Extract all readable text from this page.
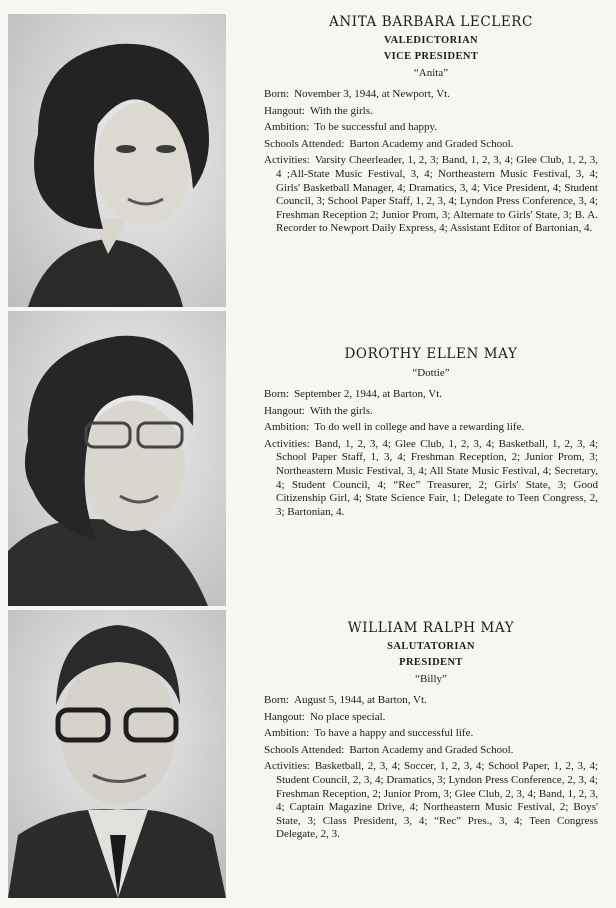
ANITA BARBARA LECLERC
VALEDICTORIAN
VICE PRESIDENT
“Anita”
Born: November 3, 1944, at Newport, Vt.
Hangout: With the girls.
Ambition: To be successful and happy.
Schools Attended: Barton Academy and Graded School.
Activities: Varsity Cheerleader, 1, 2, 3; Band, 1, 2, 3, 4; Glee Club, 1, 2, 3, 4 ;All-State Music Festival, 3, 4; Northeastern Music Festival, 3, 4; Girls' Basketball Manager, 4; Dramatics, 3, 4; Vice President, 4; Student Council, 3; School Paper Staff, 1, 2, 3, 4; Lyndon Press Conference, 3, 4; Freshman Reception 2; Junior Prom, 3; Alternate to Girls' State, 3; B. A. Recorder to Newport Daily Express, 4; Assistant Editor of Bartonian, 4.
DOROTHY ELLEN MAY
“Dottie”
Born: September 2, 1944, at Barton, Vt.
Hangout: With the girls.
Ambition: To do well in college and have a rewarding life.
Activities: Band, 1, 2, 3, 4; Glee Club, 1, 2, 3, 4; Basketball, 1, 2, 3, 4; School Paper Staff, 1, 3, 4; Freshman Reception, 2; Junior Prom, 3; Northeastern Music Festival, 3, 4; All State Music Festival, 4; Secretary, 4; Student Council, 4; “Rec” Treasurer, 2; Girls' State, 3; Good Citizenship Girl, 4; State Science Fair, 1; Delegate to Teen Congress, 2, 3; Bartonian, 4.
WILLIAM RALPH MAY
SALUTATORIAN
PRESIDENT
“Billy”
Born: August 5, 1944, at Barton, Vt.
Hangout: No place special.
Ambition: To have a happy and successful life.
Schools Attended: Barton Academy and Graded School.
Activities: Basketball, 2, 3, 4; Soccer, 1, 2, 3, 4; School Paper, 1, 2, 3, 4; Student Council, 2, 3, 4; Dramatics, 3; Lyndon Press Conference, 2, 3, 4; Freshman Reception, 2; Junior Prom, 3; Glee Club, 2, 3, 4; Band, 1, 2, 3, 4; Captain Magazine Drive, 4; Northeastern Music Festival, 2; Boys' State, 3; Class President, 3, 4; “Rec” Pres., 3, 4; Teen Congress Delegate, 2, 3.
